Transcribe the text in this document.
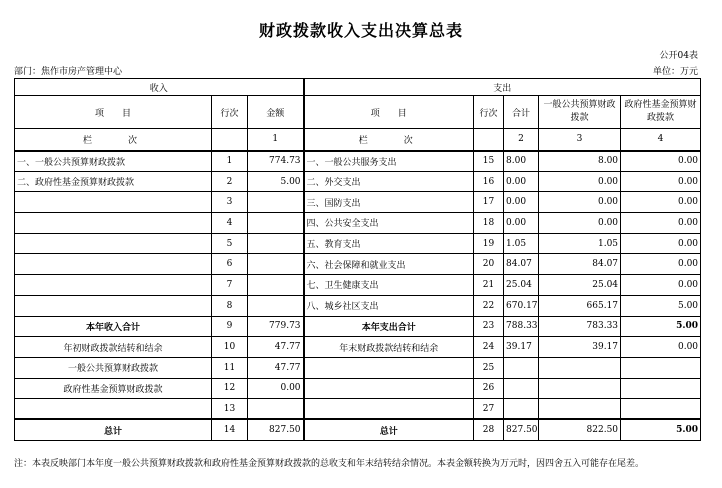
财政拨款收入支出决算总表
公开04表
部门：焦作市房产管理中心	单位：万元
收入			支出				
项　　目	行次	金额	项　　目	行次	合计	一般公共预算财政拨款	政府性基金预算财政拨款
栏　　次		1	栏　　次		2	3	4
一、一般公共预算财政拨款	1	774.73	一、一般公共服务支出	15	8.00	8.00	0.00
二、政府性基金预算财政拨款	2	5.00	二、外交支出	16	0.00	0.00	0.00
	3		三、国防支出	17	0.00	0.00	0.00
	4		四、公共安全支出	18	0.00	0.00	0.00
	5		五、教育支出	19	1.05	1.05	0.00
	6		六、社会保障和就业支出	20	84.07	84.07	0.00
	7		七、卫生健康支出	21	25.04	25.04	0.00
	8		八、城乡社区支出	22	670.17	665.17	5.00
本年收入合计	9	779.73	本年支出合计	23	788.33	783.33	5.00
年初财政拨款结转和结余	10	47.77	年末财政拨款结转和结余	24	39.17	39.17	0.00
一般公共预算财政拨款	11	47.77		25			
政府性基金预算财政拨款	12	0.00		26			
	13			27			
总计	14	827.50	总计	28	827.50	822.50	5.00
注：本表反映部门本年度一般公共预算财政拨款和政府性基金预算财政拨款的总收支和年末结转结余情况。本表金额转换为万元时，因四舍五入可能存在尾差。
